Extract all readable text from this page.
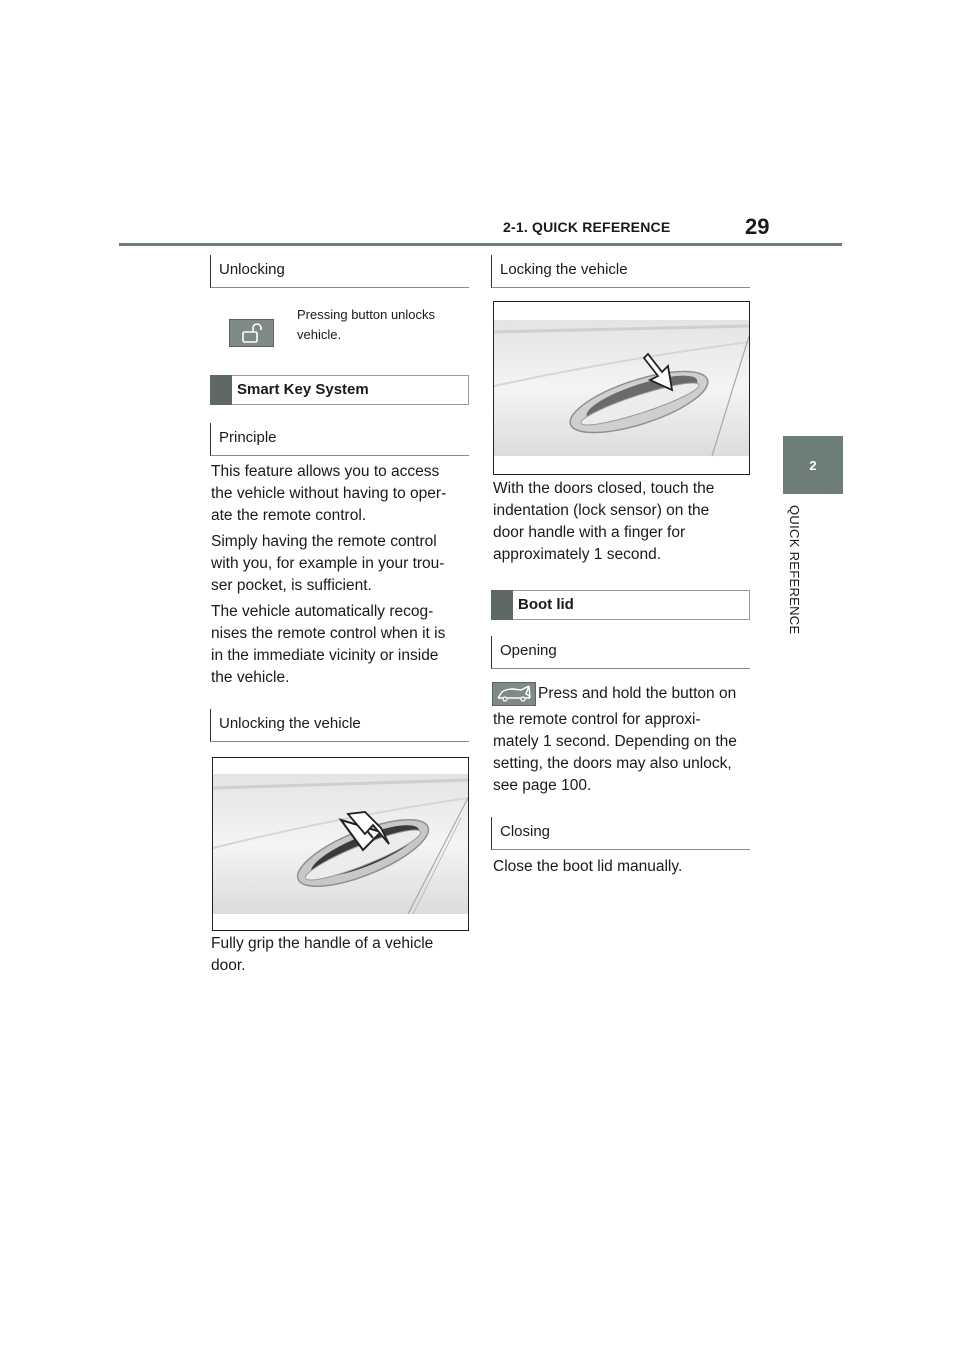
2-1. QUICK REFERENCE	29
2
QUICK REFERENCE
Unlocking
Pressing button unlocks
vehicle.
Smart Key System
Principle
This feature allows you to access
the vehicle without having to oper-
ate the remote control.
Simply having the remote control
with you, for example in your trou-
ser pocket, is sufficient.
The vehicle automatically recog-
nises the remote control when it is
in the immediate vicinity or inside
the vehicle.
Unlocking the vehicle
Fully grip the handle of a vehicle
door.
Locking the vehicle
With the doors closed, touch the
indentation (lock sensor) on the
door handle with a finger for
approximately 1 second.
Boot lid
Opening
Press and hold the button on
the remote control for approxi-
mately 1 second. Depending on the
setting, the doors may also unlock,
see page 100.
Closing
Close the boot lid manually.
